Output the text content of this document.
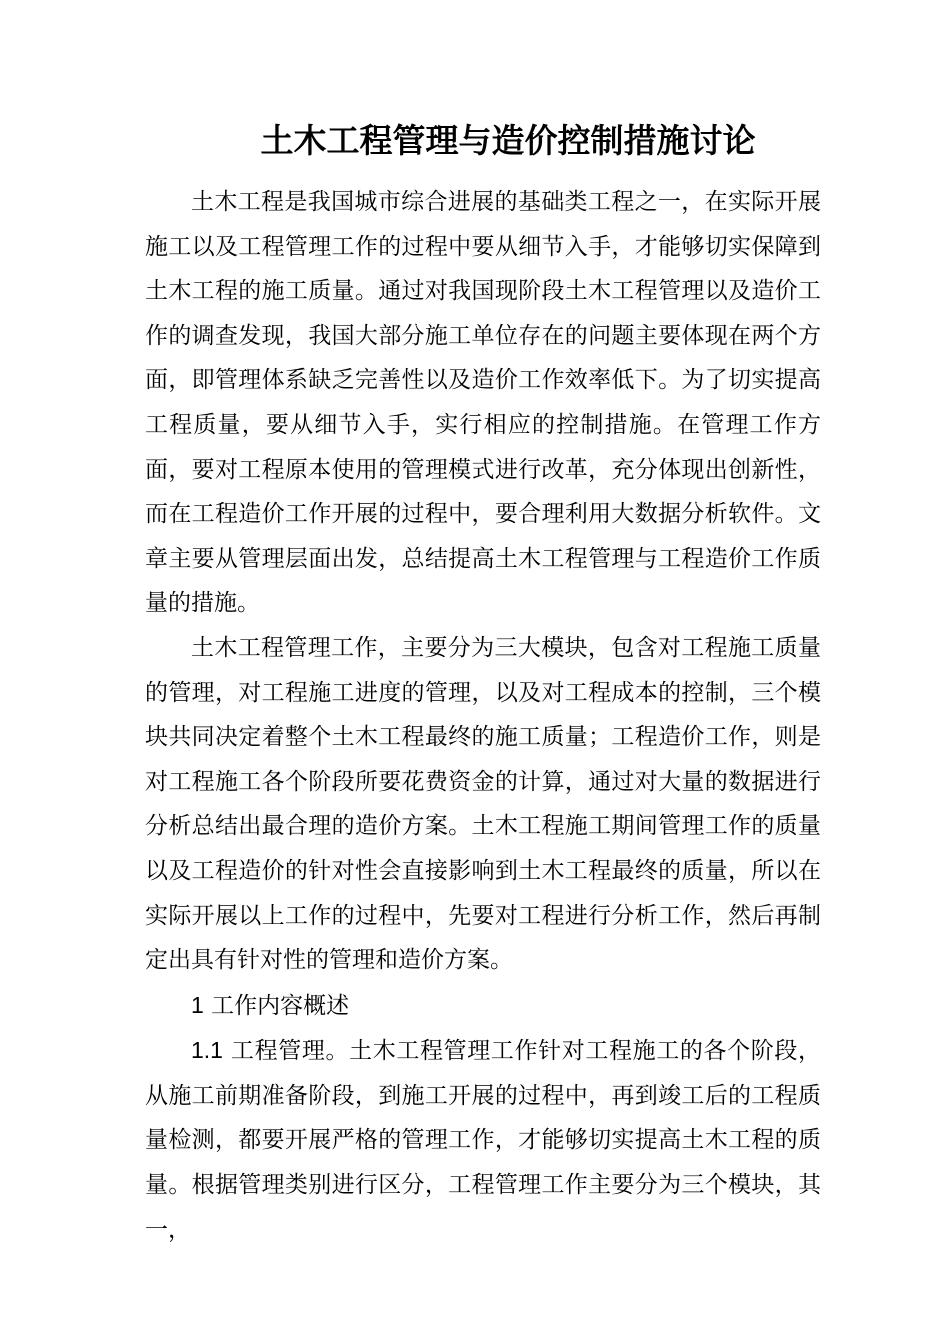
土木工程管理与造价控制措施讨论

土木工程是我国城市综合进展的基础类工程之一，在实际开展施工以及工程管理工作的过程中要从细节入手，才能够切实保障到土木工程的施工质量。通过对我国现阶段土木工程管理以及造价工作的调查发现，我国大部分施工单位存在的问题主要体现在两个方面，即管理体系缺乏完善性以及造价工作效率低下。为了切实提高工程质量，要从细节入手，实行相应的控制措施。在管理工作方面，要对工程原本使用的管理模式进行改革，充分体现出创新性，而在工程造价工作开展的过程中，要合理利用大数据分析软件。文章主要从管理层面出发，总结提高土木工程管理与工程造价工作质量的措施。

土木工程管理工作，主要分为三大模块，包含对工程施工质量的管理，对工程施工进度的管理，以及对工程成本的控制，三个模块共同决定着整个土木工程最终的施工质量；工程造价工作，则是对工程施工各个阶段所要花费资金的计算，通过对大量的数据进行分析总结出最合理的造价方案。土木工程施工期间管理工作的质量以及工程造价的针对性会直接影响到土木工程最终的质量，所以在实际开展以上工作的过程中，先要对工程进行分析工作，然后再制定出具有针对性的管理和造价方案。

1 工作内容概述

1.1 工程管理。土木工程管理工作针对工程施工的各个阶段，从施工前期准备阶段，到施工开展的过程中，再到竣工后的工程质量检测，都要开展严格的管理工作，才能够切实提高土木工程的质量。根据管理类别进行区分，工程管理工作主要分为三个模块，其一，
